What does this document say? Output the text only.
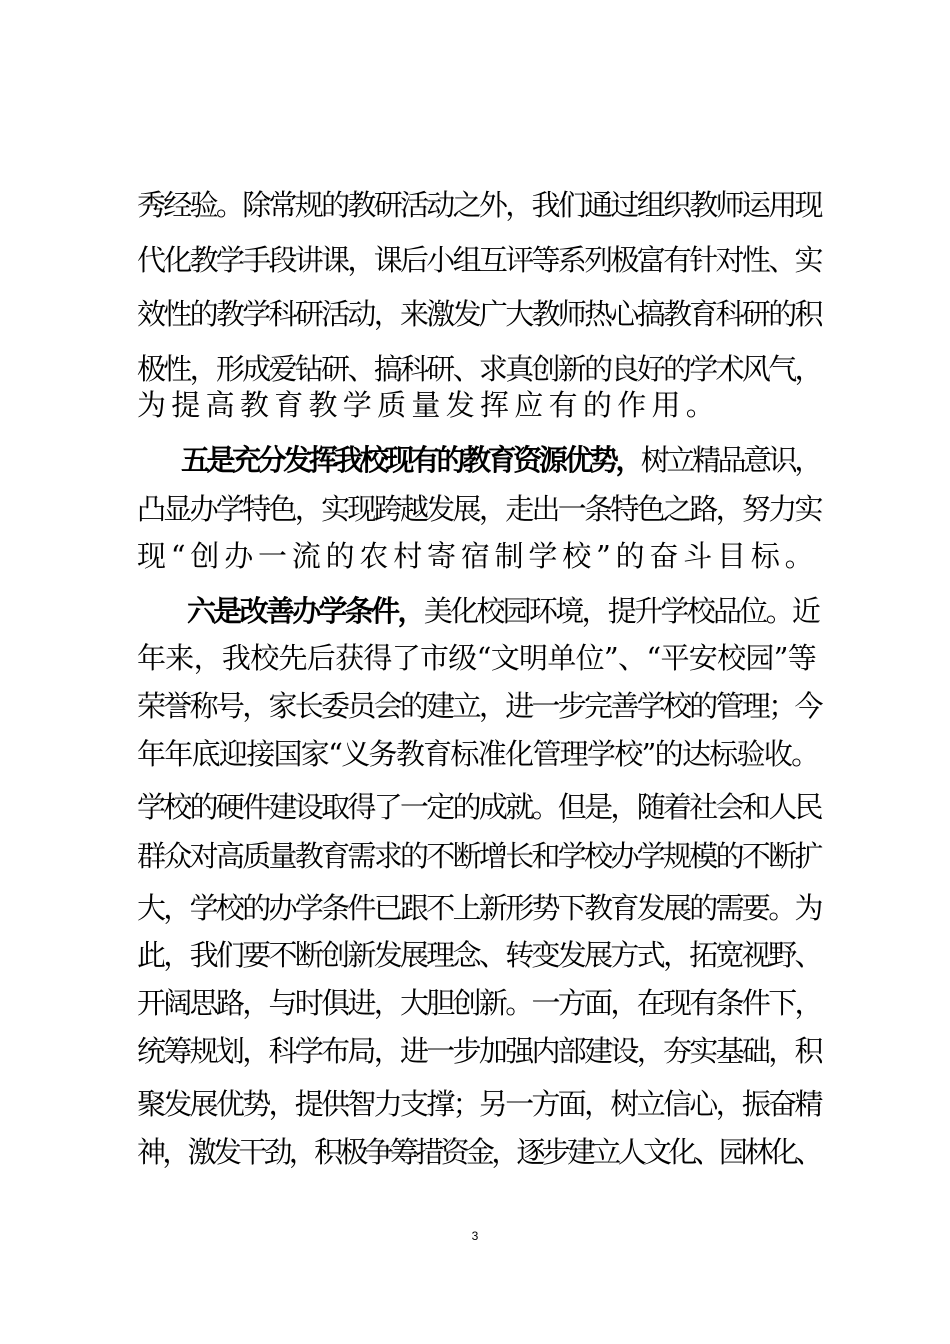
秀经验。除常规的教研活动之外，我们通过组织教师运用现
代化教学手段讲课，课后小组互评等系列极富有针对性、实
效性的教学科研活动，来激发广大教师热心搞教育科研的积
极性，形成爱钻研、搞科研、求真创新的良好的学术风气，
为提高教育教学质量发挥应有的作用。
五是充分发挥我校现有的教育资源优势，树立精品意识，
凸显办学特色，实现跨越发展，走出一条特色之路，努力实
现“创办一流的农村寄宿制学校”的奋斗目标。
六是改善办学条件，美化校园环境，提升学校品位。近
年来，我校先后获得了市级“文明单位”、“平安校园”等
荣誉称号，家长委员会的建立，进一步完善学校的管理；今
年年底迎接国家“义务教育标准化管理学校”的达标验收。
学校的硬件建设取得了一定的成就。但是，随着社会和人民
群众对高质量教育需求的不断增长和学校办学规模的不断扩
大，学校的办学条件已跟不上新形势下教育发展的需要。为
此，我们要不断创新发展理念、转变发展方式，拓宽视野、
开阔思路，与时俱进，大胆创新。一方面，在现有条件下，
统筹规划，科学布局，进一步加强内部建设，夯实基础，积
聚发展优势，提供智力支撑；另一方面，树立信心，振奋精
神，激发干劲，积极争筹措资金，逐步建立人文化、园林化、
3
